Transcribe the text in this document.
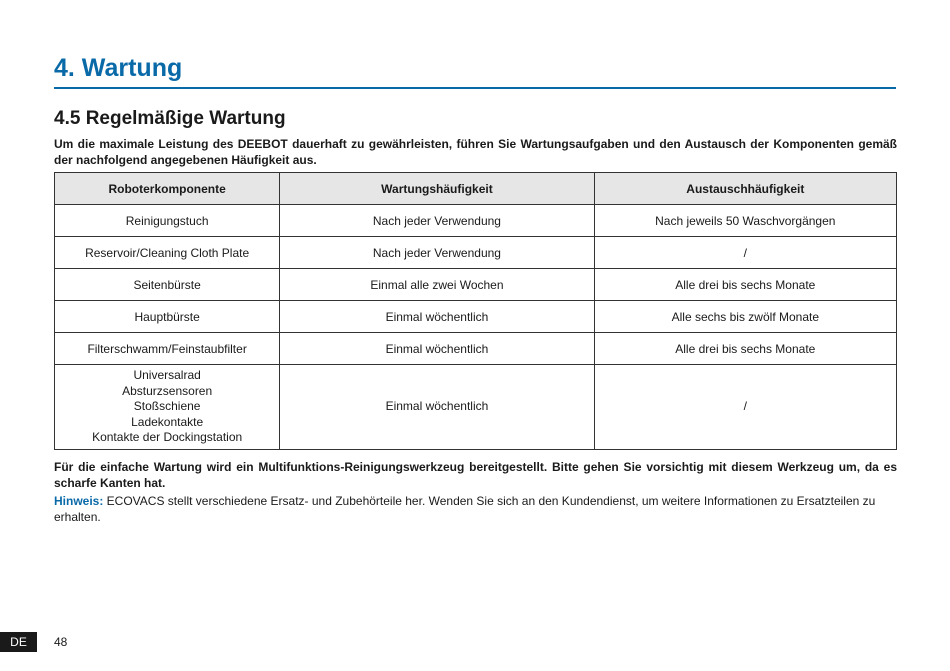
4. Wartung
4.5 Regelmäßige Wartung

Um die maximale Leistung des DEEBOT dauerhaft zu gewährleisten, führen Sie Wartungsaufgaben und den Austausch der Komponenten gemäß der nachfolgend angegebenen Häufigkeit aus.

Roboterkomponente	Wartungshäufigkeit	Austauschhäufigkeit
Reinigungstuch	Nach jeder Verwendung	Nach jeweils 50 Waschvorgängen
Reservoir/Cleaning Cloth Plate	Nach jeder Verwendung	/
Seitenbürste	Einmal alle zwei Wochen	Alle drei bis sechs Monate
Hauptbürste	Einmal wöchentlich	Alle sechs bis zwölf Monate
Filterschwamm/Feinstaubfilter	Einmal wöchentlich	Alle drei bis sechs Monate

Universalrad
Absturzsensoren
Stoßschiene
Ladekontakte
Kontakte der Dockingstation	Einmal wöchentlich	/

Für die einfache Wartung wird ein Multifunktions-Reinigungswerkzeug bereitgestellt. Bitte gehen Sie vorsichtig mit diesem Werkzeug um, da es scharfe Kanten hat.

Hinweis: ECOVACS stellt verschiedene Ersatz- und Zubehörteile her. Wenden Sie sich an den Kundendienst, um weitere Informationen zu Ersatzteilen zu erhalten.

DE	48
